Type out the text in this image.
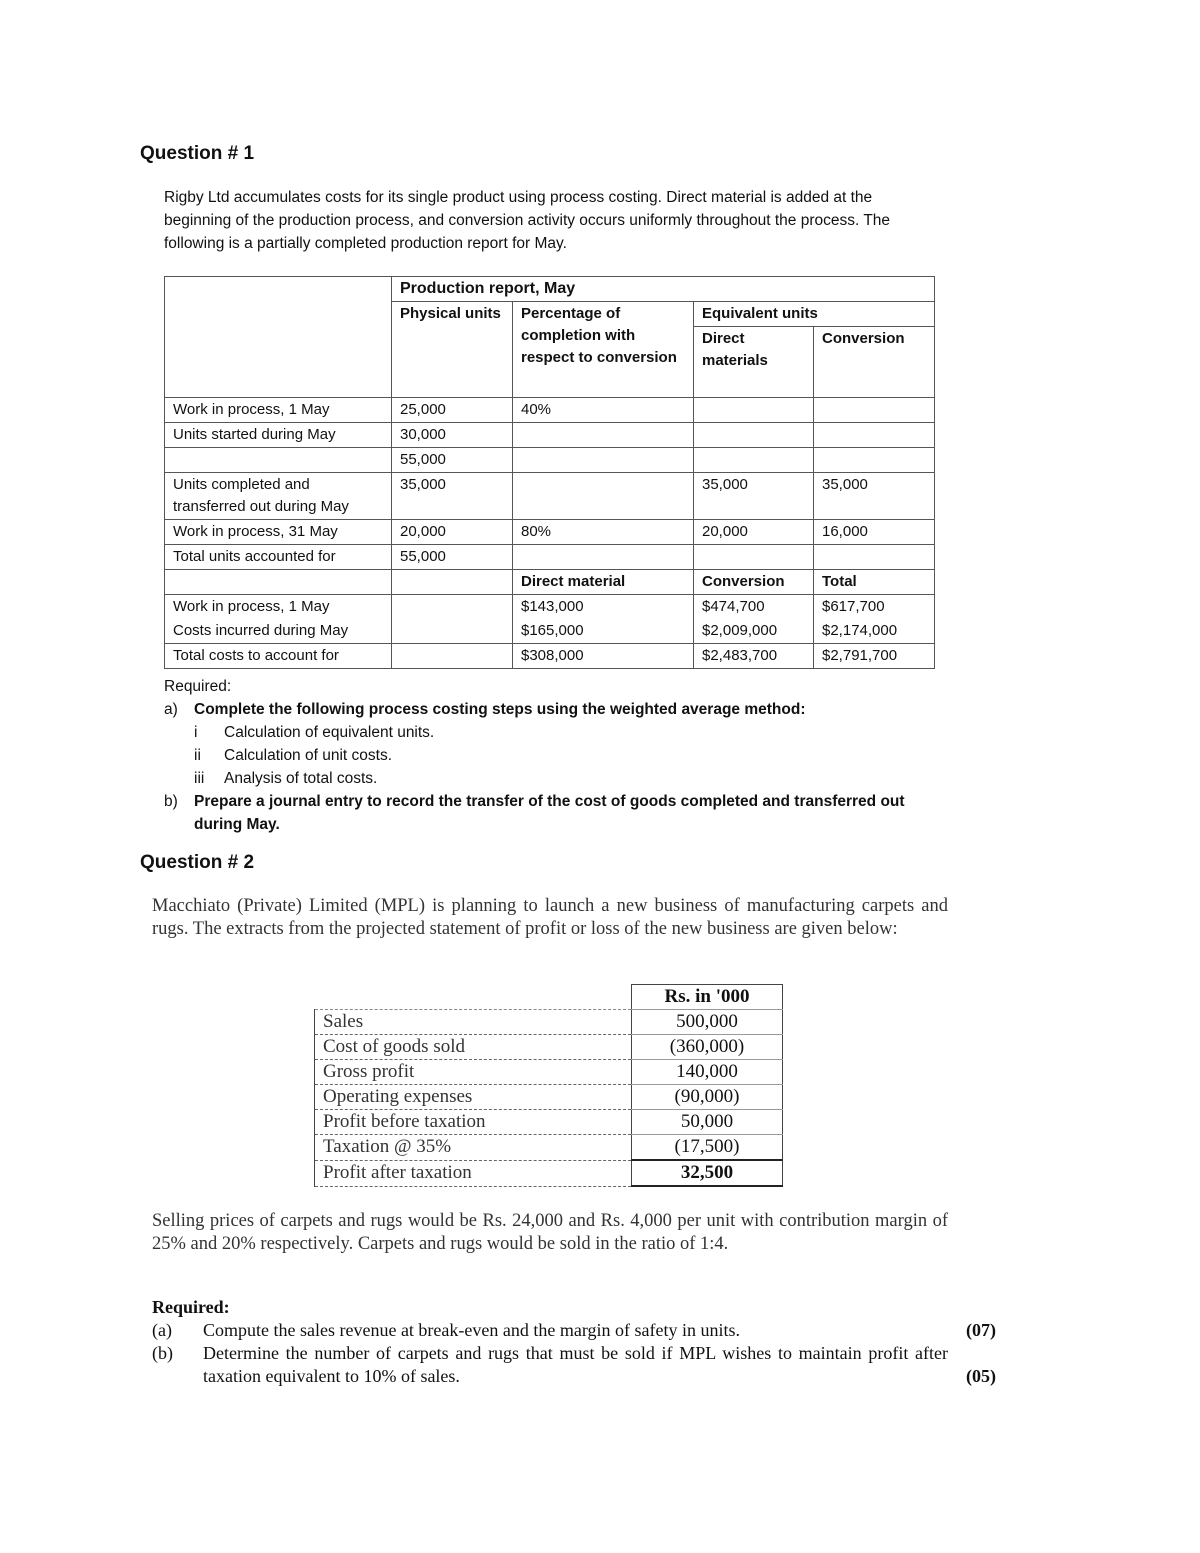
Question # 1
Rigby Ltd accumulates costs for its single product using process costing. Direct material is added at the beginning of the production process, and conversion activity occurs uniformly throughout the process. The following is a partially completed production report for May.
	Production report, May			
	Physical units	Percentage of completion with respect to conversion	Equivalent units	
			Direct materials	Conversion
Work in process, 1 May	25,000	40%		
Units started during May	30,000			
	55,000			
Units completed and transferred out during May	35,000		35,000	35,000
Work in process, 31 May	20,000	80%	20,000	16,000
Total units accounted for	55,000			
		Direct material	Conversion	Total
Work in process, 1 May		$143,000	$474,700	$617,700
Costs incurred during May		$165,000	$2,009,000	$2,174,000
Total costs to account for		$308,000	$2,483,700	$2,791,700
Required:
a)	Complete the following process costing steps using the weighted average method:
i	Calculation of equivalent units.
ii	Calculation of unit costs.
iii	Analysis of total costs.
b)	Prepare a journal entry to record the transfer of the cost of goods completed and transferred out during May.
Question # 2
Macchiato (Private) Limited (MPL) is planning to launch a new business of manufacturing carpets and rugs. The extracts from the projected statement of profit or loss of the new business are given below:
	Rs. in '000
Sales	500,000
Cost of goods sold	(360,000)
Gross profit	140,000
Operating expenses	(90,000)
Profit before taxation	50,000
Taxation @ 35%	(17,500)
Profit after taxation	32,500
Selling prices of carpets and rugs would be Rs. 24,000 and Rs. 4,000 per unit with contribution margin of 25% and 20% respectively. Carpets and rugs would be sold in the ratio of 1:4.
Required:
(a)	Compute the sales revenue at break-even and the margin of safety in units.
(b)	Determine the number of carpets and rugs that must be sold if MPL wishes to maintain profit after taxation equivalent to 10% of sales.
(07)
(05)
